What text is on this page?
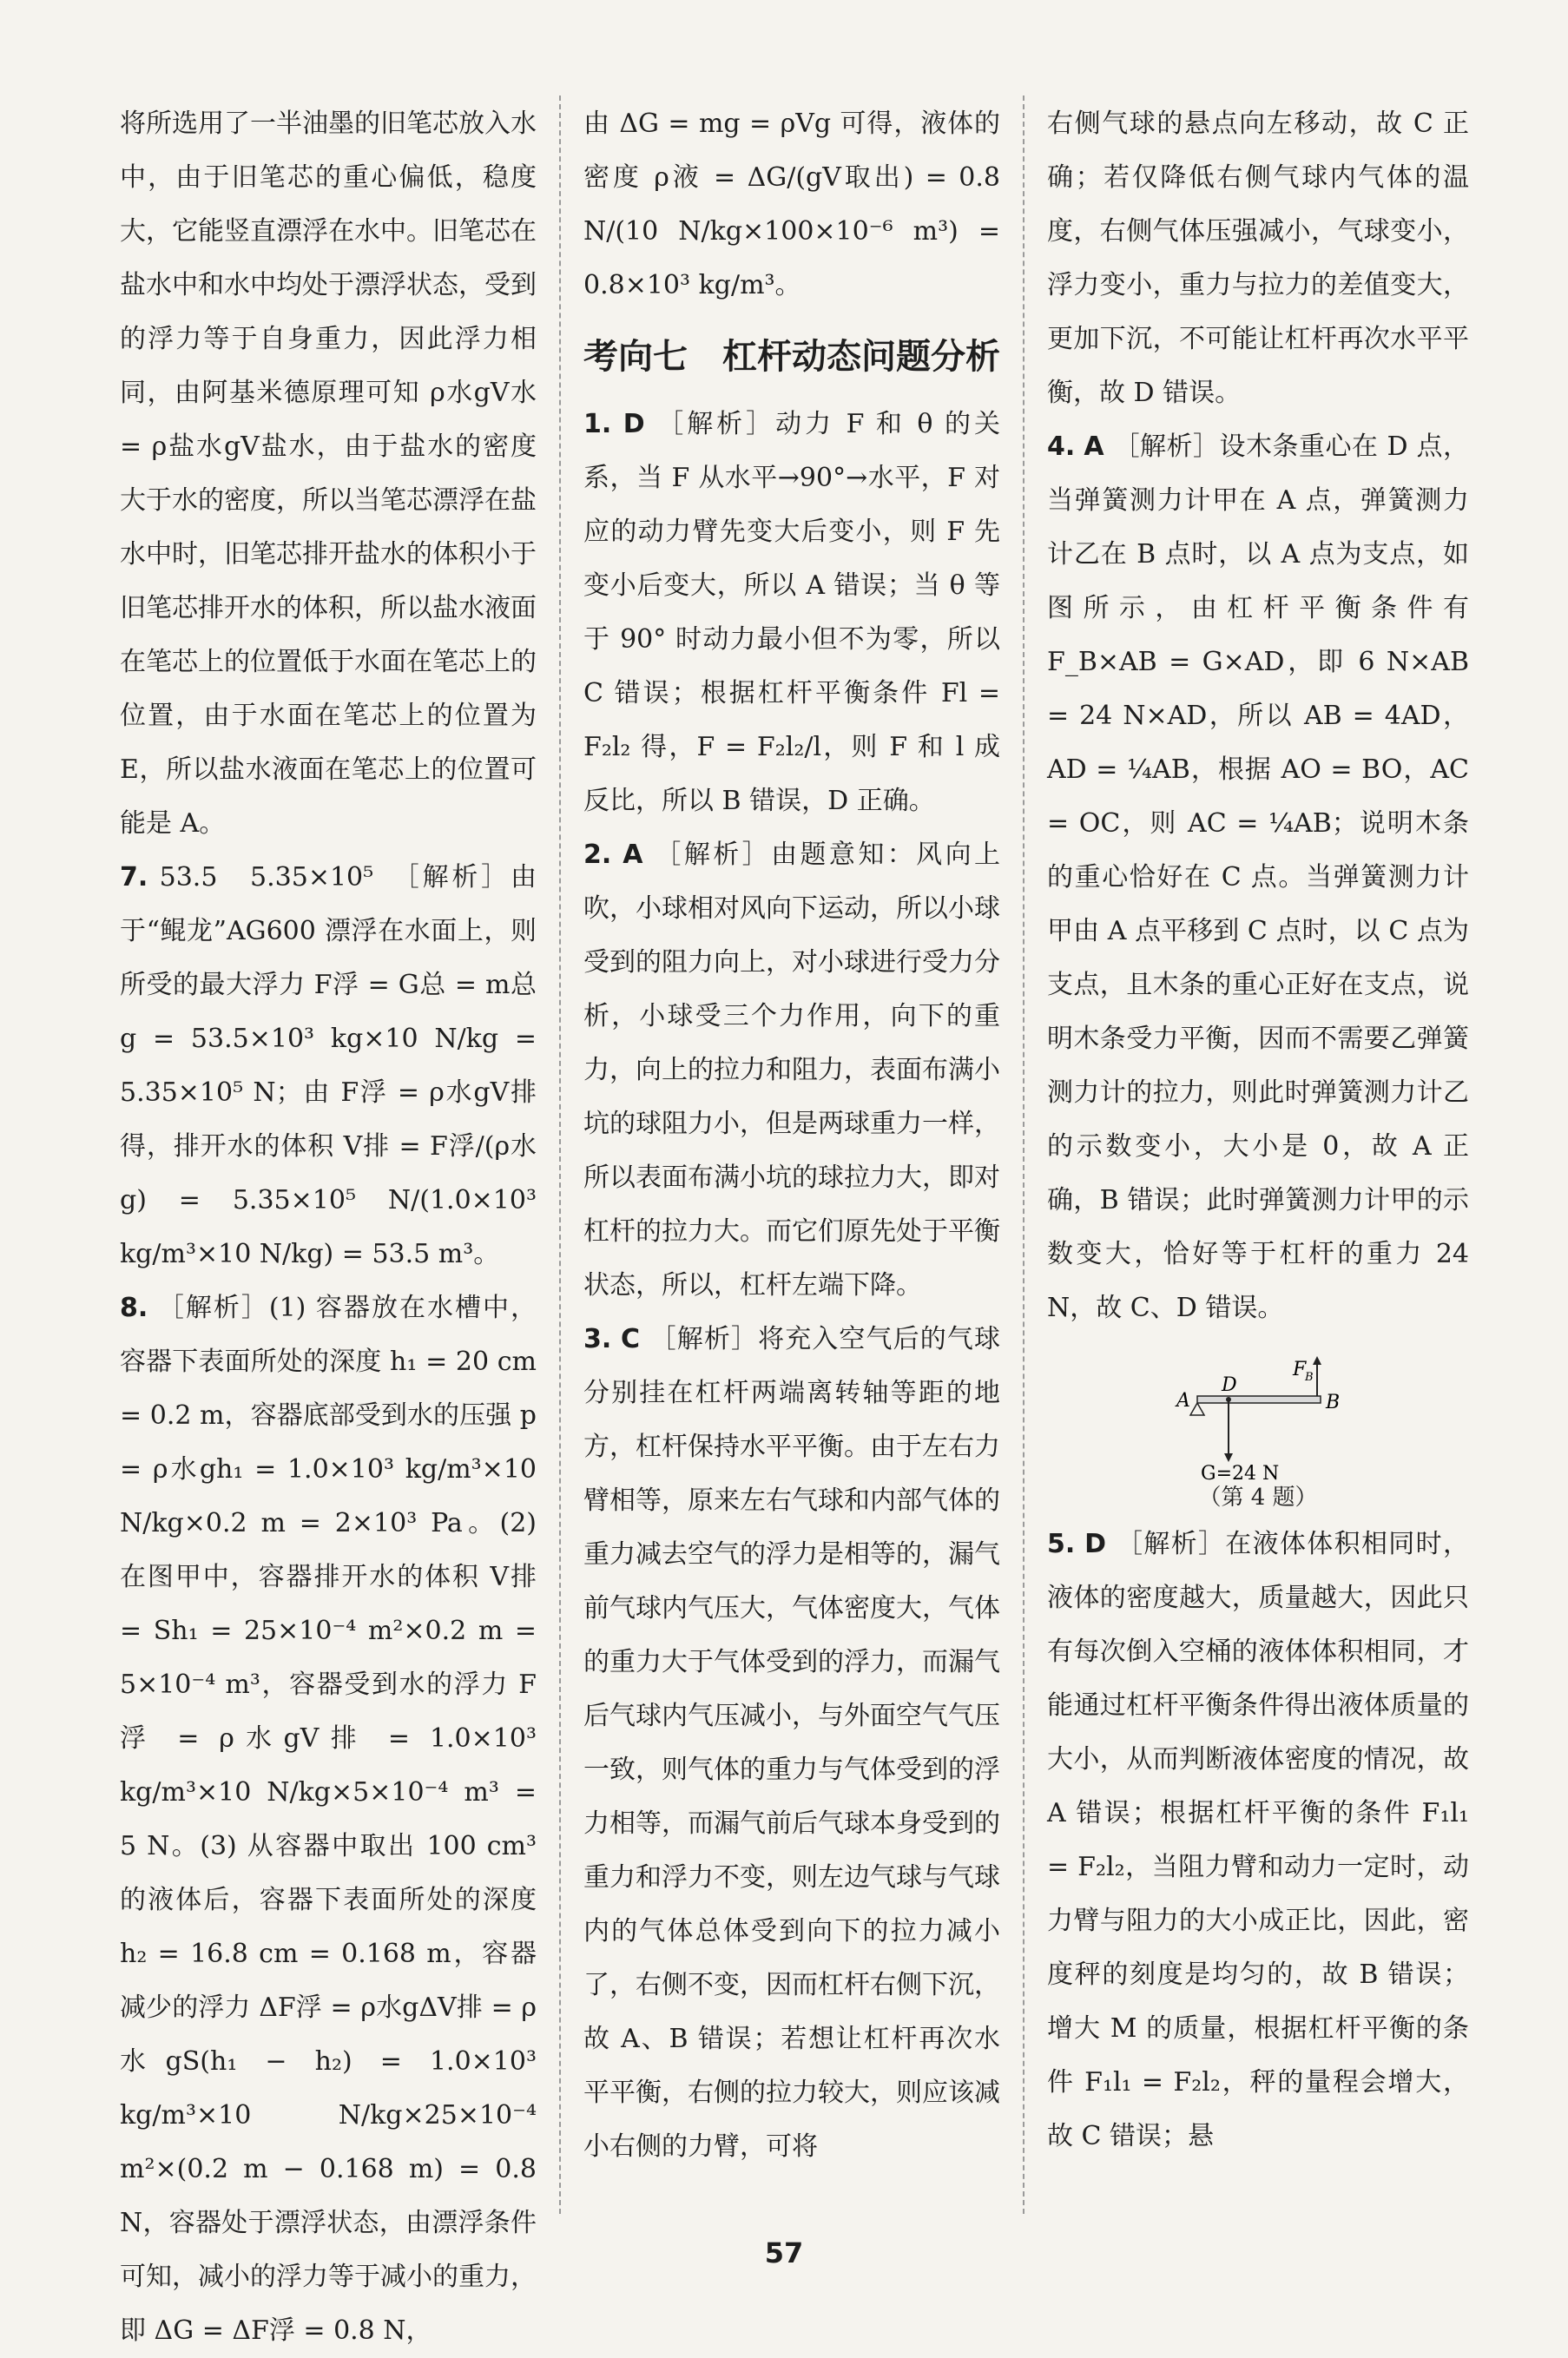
将所选用了一半油墨的旧笔芯放入水中，由于旧笔芯的重心偏低，稳度大，它能竖直漂浮在水中。旧笔芯在盐水中和水中均处于漂浮状态，受到的浮力等于自身重力，因此浮力相同，由阿基米德原理可知 ρ水gV水 = ρ盐水gV盐水，由于盐水的密度大于水的密度，所以当笔芯漂浮在盐水中时，旧笔芯排开盐水的体积小于旧笔芯排开水的体积，所以盐水液面在笔芯上的位置低于水面在笔芯上的位置，由于水面在笔芯上的位置为 E，所以盐水液面在笔芯上的位置可能是 A。

7. 53.5　5.35×10⁵　［解析］由于“鲲龙”AG600 漂浮在水面上，则所受的最大浮力 F浮 = G总 = m总g = 53.5×10³ kg×10 N/kg = 5.35×10⁵ N；由 F浮 = ρ水gV排 得，排开水的体积 V排 = F浮/(ρ水g) = 5.35×10⁵ N/(1.0×10³ kg/m³×10 N/kg) = 53.5 m³。

8. ［解析］(1) 容器放在水槽中，容器下表面所处的深度 h₁ = 20 cm = 0.2 m，容器底部受到水的压强 p = ρ水gh₁ = 1.0×10³ kg/m³×10 N/kg×0.2 m = 2×10³ Pa。(2) 在图甲中，容器排开水的体积 V排 = Sh₁ = 25×10⁻⁴ m²×0.2 m = 5×10⁻⁴ m³，容器受到水的浮力 F浮 = ρ水gV排 = 1.0×10³ kg/m³×10 N/kg×5×10⁻⁴ m³ = 5 N。(3) 从容器中取出 100 cm³ 的液体后，容器下表面所处的深度 h₂ = 16.8 cm = 0.168 m，容器减少的浮力 ΔF浮 = ρ水gΔV排 = ρ水gS(h₁ − h₂) = 1.0×10³ kg/m³×10 N/kg×25×10⁻⁴ m²×(0.2 m − 0.168 m) = 0.8 N，容器处于漂浮状态，由漂浮条件可知，减小的浮力等于减小的重力，即 ΔG = ΔF浮 = 0.8 N，

由 ΔG = mg = ρVg 可得，液体的密度 ρ液 = ΔG/(gV取出) = 0.8 N/(10 N/kg×100×10⁻⁶ m³) = 0.8×10³ kg/m³。

考向七　杠杆动态问题分析

1. D ［解析］动力 F 和 θ 的关系，当 F 从水平→90°→水平，F 对应的动力臂先变大后变小，则 F 先变小后变大，所以 A 错误；当 θ 等于 90° 时动力最小但不为零，所以 C 错误；根据杠杆平衡条件 Fl = F₂l₂ 得，F = F₂l₂/l，则 F 和 l 成反比，所以 B 错误，D 正确。

2. A ［解析］由题意知：风向上吹，小球相对风向下运动，所以小球受到的阻力向上，对小球进行受力分析，小球受三个力作用，向下的重力，向上的拉力和阻力，表面布满小坑的球阻力小，但是两球重力一样，所以表面布满小坑的球拉力大，即对杠杆的拉力大。而它们原先处于平衡状态，所以，杠杆左端下降。

3. C ［解析］将充入空气后的气球分别挂在杠杆两端离转轴等距的地方，杠杆保持水平平衡。由于左右力臂相等，原来左右气球和内部气体的重力减去空气的浮力是相等的，漏气前气球内气压大，气体密度大，气体的重力大于气体受到的浮力，而漏气后气球内气压减小，与外面空气气压一致，则气体的重力与气体受到的浮力相等，而漏气前后气球本身受到的重力和浮力不变，则左边气球与气球内的气体总体受到向下的拉力减小了，右侧不变，因而杠杆右侧下沉，故 A、B 错误；若想让杠杆再次水平平衡，右侧的拉力较大，则应该减小右侧的力臂，可将

右侧气球的悬点向左移动，故 C 正确；若仅降低右侧气球内气体的温度，右侧气体压强减小，气球变小，浮力变小，重力与拉力的差值变大，更加下沉，不可能让杠杆再次水平平衡，故 D 错误。

4. A ［解析］设木条重心在 D 点，当弹簧测力计甲在 A 点，弹簧测力计乙在 B 点时，以 A 点为支点，如图所示，由杠杆平衡条件有 F_B×AB = G×AD，即 6 N×AB = 24 N×AD，所以 AB = 4AD，AD = ¼AB，根据 AO = BO，AC = OC，则 AC = ¼AB；说明木条的重心恰好在 C 点。当弹簧测力计甲由 A 点平移到 C 点时，以 C 点为支点，且木条的重心正好在支点，说明木条受力平衡，因而不需要乙弹簧测力计的拉力，则此时弹簧测力计乙的示数变小，大小是 0，故 A 正确，B 错误；此时弹簧测力计甲的示数变大，恰好等于杠杆的重力 24 N，故 C、D 错误。

A	B
D
F
B
G=24 N
（第 4 题）

5. D ［解析］在液体体积相同时，液体的密度越大，质量越大，因此只有每次倒入空桶的液体体积相同，才能通过杠杆平衡条件得出液体质量的大小，从而判断液体密度的情况，故 A 错误；根据杠杆平衡的条件 F₁l₁ = F₂l₂，当阻力臂和动力一定时，动力臂与阻力的大小成正比，因此，密度秤的刻度是均匀的，故 B 错误；增大 M 的质量，根据杠杆平衡的条件 F₁l₁ = F₂l₂，秤的量程会增大，故 C 错误；悬

57
